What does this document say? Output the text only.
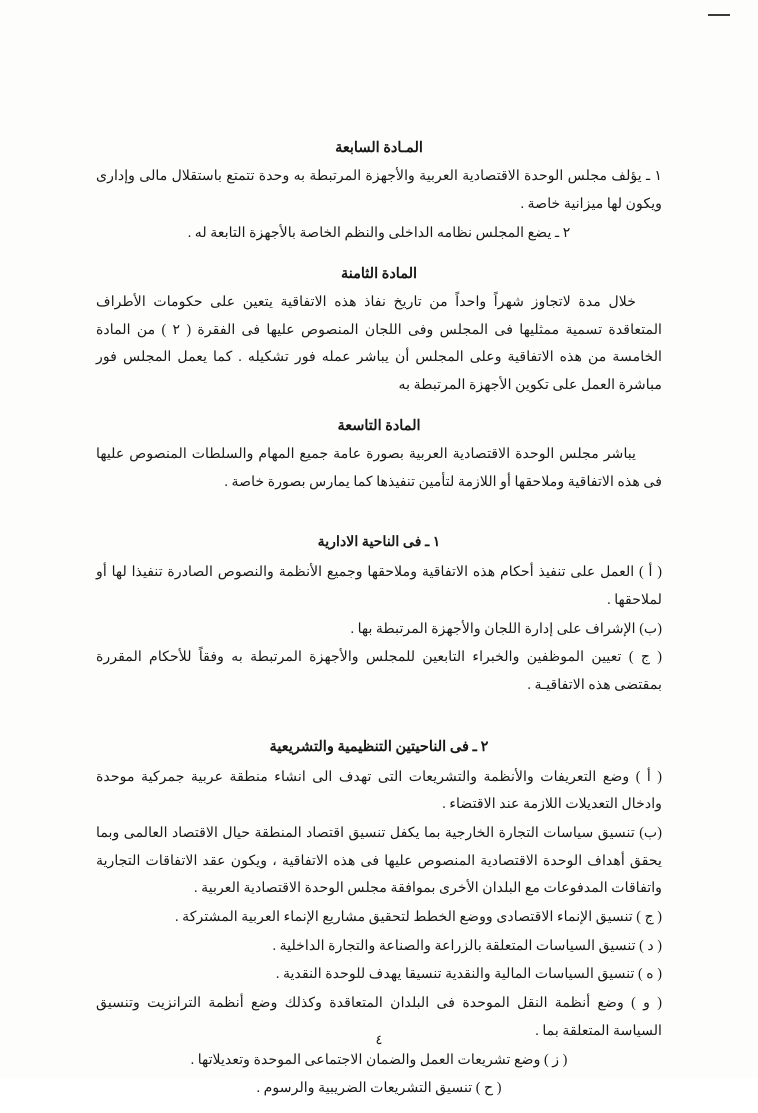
المـادة السابعة

١ ـ يؤلف مجلس الوحدة الاقتصادية العربية والأجهزة المرتبطة به وحدة تتمتع باستقلال مالى وإدارى ويكون لها ميزانية خاصة .

٢ ـ يضع المجلس نظامه الداخلى والنظم الخاصة بالأجهزة التابعة له .

المادة الثامنة

خلال مدة لاتجاوز شهراً واحداً من تاريخ نفاذ هذه الاتفاقية يتعين على حكومات الأطراف المتعاقدة تسمية ممثليها فى المجلس وفى اللجان المنصوص عليها فى الفقرة ( ٢ ) من المادة الخامسة من هذه الاتفاقية وعلى المجلس أن يباشر عمله فور تشكيله . كما يعمل المجلس فور مباشرة العمل على تكوين الأجهزة المرتبطة به

المادة التاسعة

يباشر مجلس الوحدة الاقتصادية العربية بصورة عامة جميع المهام والسلطات المنصوص عليها فى هذه الاتفاقية وملاحقها أو اللازمة لتأمين تنفيذها كما يمارس بصورة خاصة .

١ ـ فى الناحية الادارية

( أ ) العمل على تنفيذ أحكام هذه الاتفاقية وملاحقها وجميع الأنظمة والنصوص الصادرة تنفيذا لها أو لملاحقها .

(ب) الإشراف على إدارة اللجان والأجهزة المرتبطة بها .

( ج ) تعيين الموظفين والخبراء التابعين للمجلس والأجهزة المرتبطة به وفقاً للأحكام المقررة بمقتضى هذه الاتفاقيـة .

٢ ـ فى الناحيتين التنظيمية والتشريعية

( أ ) وضع التعريفات والأنظمة والتشريعات التى تهدف الى انشاء منطقة عربية جمركية موحدة وادخال التعديلات اللازمة عند الاقتضاء .

(ب) تنسيق سياسات التجارة الخارجية بما يكفل تنسيق اقتصاد المنطقة حيال الاقتصاد العالمى وبما يحقق أهداف الوحدة الاقتصادية المنصوص عليها فى هذه الاتفاقية ، ويكون عقد الاتفاقات التجارية واتفاقات المدفوعات مع البلدان الأخرى بموافقة مجلس الوحدة الاقتصادية العربية .

( ج ) تنسيق الإنماء الاقتصادى ووضع الخطط لتحقيق مشاريع الإنماء العربية المشتركة .

( د ) تنسيق السياسات المتعلقة بالزراعة والصناعة والتجارة الداخلية .

( ه ) تنسيق السياسات المالية والنقدية تنسيقا يهدف للوحدة النقدية .

( و ) وضع أنظمة النقل الموحدة فى البلدان المتعاقدة وكذلك وضع أنظمة الترانزيت وتنسيق السياسة المتعلقة بما .

( ز ) وضع تشريعات العمل والضمان الاجتماعى الموحدة وتعديلاتها .

( ح ) تنسيق التشريعات الضريبية والرسوم .

٤
